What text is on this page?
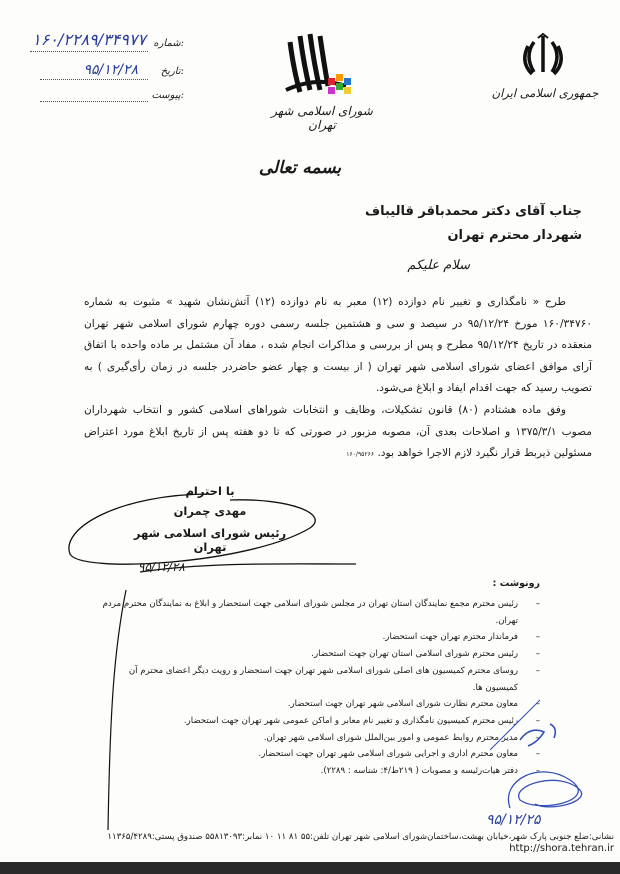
شماره:
۱۶۰/۲۲۸۹/۳۴۹۷۷
تاریخ:
۹۵/۱۲/۲۸
پیوست:
شورای اسلامی شهر تهران
جمهوری اسلامی ایران
بسمه تعالی
جناب آقای دکتر محمدباقر قالیباف
شهردار محترم تهران
سلام علیکم

طرح « نامگذاری و تغییر نام دوازده (۱۲) معبر به نام دوازده (۱۲) آتش‌نشان شهید » مثبوت به شماره ۱۶۰/۳۴۷۶۰ مورخ ۹۵/۱۲/۲۴ در سیصد و سی و هشتمین جلسه رسمی دوره چهارم شورای اسلامی شهر تهران منعقده در تاریخ ۹۵/۱۲/۲۴ مطرح و پس از بررسی و مذاکرات انجام شده ، مفاد آن مشتمل بر ماده واحده با اتفاق آرای موافق اعضای شورای اسلامی شهر تهران ( از بیست و چهار عضو حاضردر جلسه در زمان رأی‌گیری ) به تصویب رسید که جهت اقدام ایفاد و ابلاغ می‌شود.

وفق ماده هشتادم (۸۰) قانون تشکیلات، وظایف و انتخابات شوراهای اسلامی کشور و انتخاب شهرداران مصوب ۱۳۷۵/۳/۱ و اصلاحات بعدی آن، مصوبه مزبور در صورتی که تا دو هفته پس از تاریخ ابلاغ مورد اعتراض مسئولین ذیربط قرار نگیرد لازم الاجرا خواهد بود. ۱۶۰/۹۵۲۶۶

با احترام
مهدی چمران
رئیس شورای اسلامی شهر تهران
۹۵/۱۲/۲۸
رونوشت :
– رئیس محترم مجمع نمایندگان استان تهران در مجلس شورای اسلامی جهت استحضار و ابلاغ به نمایندگان محترم مردم تهران.
– فرماندار محترم تهران جهت استحضار.
– رئیس محترم شورای اسلامی استان تهران جهت استحضار.
– روسای محترم کمیسیون های اصلی شورای اسلامی شهر تهران جهت استحضار و رویت دیگر اعضای محترم آن کمیسیون ها.
– معاون محترم نظارت شورای اسلامی شهر تهران جهت استحضار.
– رئیس محترم کمیسیون نامگذاری و تغییر نام معابر و اماکن عمومی شهر تهران جهت استحضار.
– مدیر محترم روابط عمومی و امور بین‌الملل شورای اسلامی شهر تهران.
– معاون محترم اداری و اجرایی شورای اسلامی شهر تهران جهت استحضار.
– دفتر هیات‌رئیسه و مصوبات ( ۲۱۹ط/۴: شناسه : ۲۲۸۹).
۹۵/۱۲/۲۵
نشانی:ضلع جنوبی پارک شهر،خیابان بهشت،ساختمان‌شورای اسلامی شهر تهران تلفن:۵۵ ۸۱ ۱۱ ۱۰ نمابر:۵۵۸۱۳۰۹۳ صندوق پستی:۱۱۳۶۵/۴۲۸۹ http://shora.tehran.ir
